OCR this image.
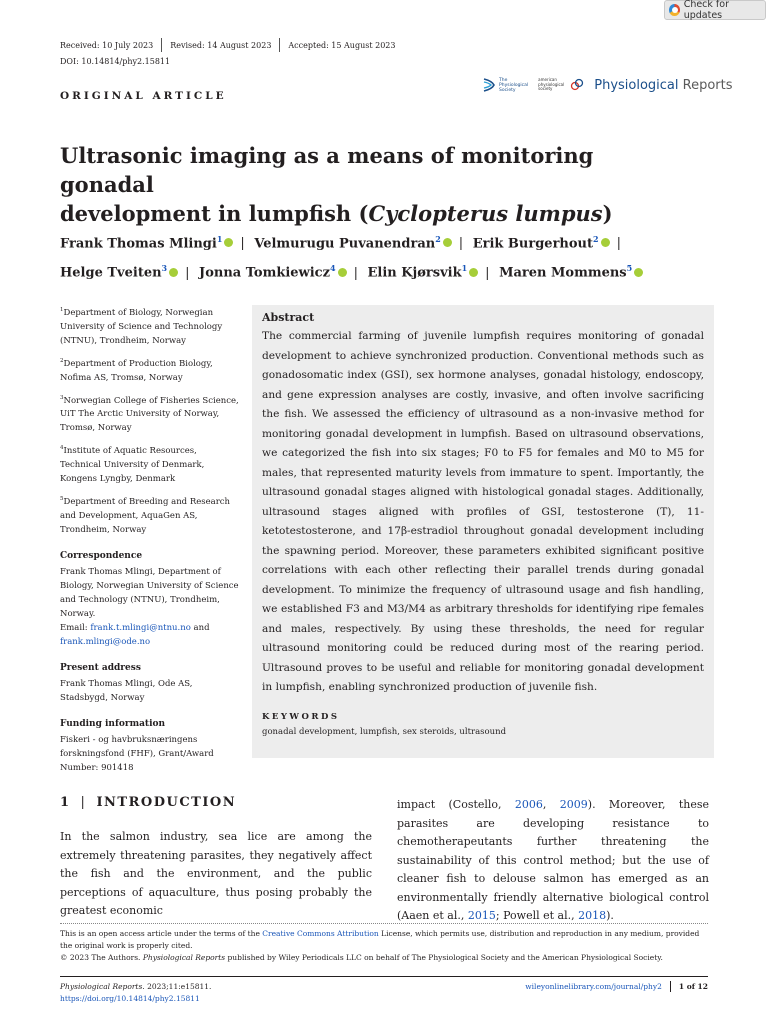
Check for updates
Received: 10 July 2023 Revised: 14 August 2023 Accepted: 15 August 2023
DOI: 10.14814/phy2.15811
ORIGINAL ARTICLE
The
Physiological
Society
american
physiological
society	Physiological Reports
Ultrasonic imaging as a means of monitoring gonadal
development in lumpfish (Cyclopterus lumpus)
Frank Thomas Mlingi$^1$ iD | Velmurugu Puvanendran$^2$ iD | Erik Burgerhout$^2$ iD |
Helge Tveiten$^3$ iD | Jonna Tomkiewicz$^4$ iD | Elin Kjørsvik$^1$ iD | Maren Mommens$^5$iD

$^1$Department of Biology, Norwegian University of Science and Technology (NTNU), Trondheim, Norway

$^2$Department of Production Biology, Nofima AS, Tromsø, Norway

$^3$Norwegian College of Fisheries Science, UiT The Arctic University of Norway, Tromsø, Norway

$^4$Institute of Aquatic Resources, Technical University of Denmark, Kongens Lyngby, Denmark

$^5$Department of Breeding and Research and Development, AquaGen AS, Trondheim, Norway

Correspondence
Frank Thomas Mlingi, Department of Biology, Norwegian University of Science and Technology (NTNU), Trondheim, Norway.
Email: frank.t.mlingi@ntnu.no and
frank.mlingi@ode.no
Present address
Frank Thomas Mlingi, Ode AS, Stadsbygd, Norway
Funding information
Fiskeri - og havbruksnæringens forskningsfond (FHF), Grant/Award Number: 901418
Abstract
The commercial farming of juvenile lumpfish requires monitoring of gonadal development to achieve synchronized production. Conventional methods such as gonadosomatic index (GSI), sex hormone analyses, gonadal histology, endoscopy, and gene expression analyses are costly, invasive, and often involve sacrificing the fish. We assessed the efficiency of ultrasound as a non-invasive method for monitoring gonadal development in lumpfish. Based on ultrasound observations, we categorized the fish into six stages; F0 to F5 for females and M0 to M5 for males, that represented maturity levels from immature to spent. Importantly, the ultrasound gonadal stages aligned with histological gonadal stages. Additionally, ultrasound stages aligned with profiles of GSI, testosterone (T), 11-ketotestosterone, and 17β-estradiol throughout gonadal development including the spawning period. Moreover, these parameters exhibited significant positive correlations with each other reflecting their parallel trends during gonadal development. To minimize the frequency of ultrasound usage and fish handling, we established F3 and M3/M4 as arbitrary thresholds for identifying ripe females and males, respectively. By using these thresholds, the need for regular ultrasound monitoring could be reduced during most of the rearing period. Ultrasound proves to be useful and reliable for monitoring gonadal development in lumpfish, enabling synchronized production of juvenile fish.
KEYWORDS
gonadal development, lumpfish, sex steroids, ultrasound
1 | INTRODUCTION
In the salmon industry, sea lice are among the extremely threatening parasites, they negatively affect the fish and the environment, and the public perceptions of aquaculture, thus posing probably the greatest economic
impact (Costello, 2006, 2009). Moreover, these parasites are developing resistance to chemotherapeutants further threatening the sustainability of this control method; but the use of cleaner fish to delouse salmon has emerged as an environmentally friendly alternative biological control (Aaen et al., 2015; Powell et al., 2018).
This is an open access article under the terms of the Creative Commons Attribution License, which permits use, distribution and reproduction in any medium, provided the original work is properly cited.
© 2023 The Authors. Physiological Reports published by Wiley Periodicals LLC on behalf of The Physiological Society and the American Physiological Society.
Physiological Reports. 2023;11:e15811.
https://doi.org/10.14814/phy2.15811
wileyonlinelibrary.com/journal/phy2 1 of 12
